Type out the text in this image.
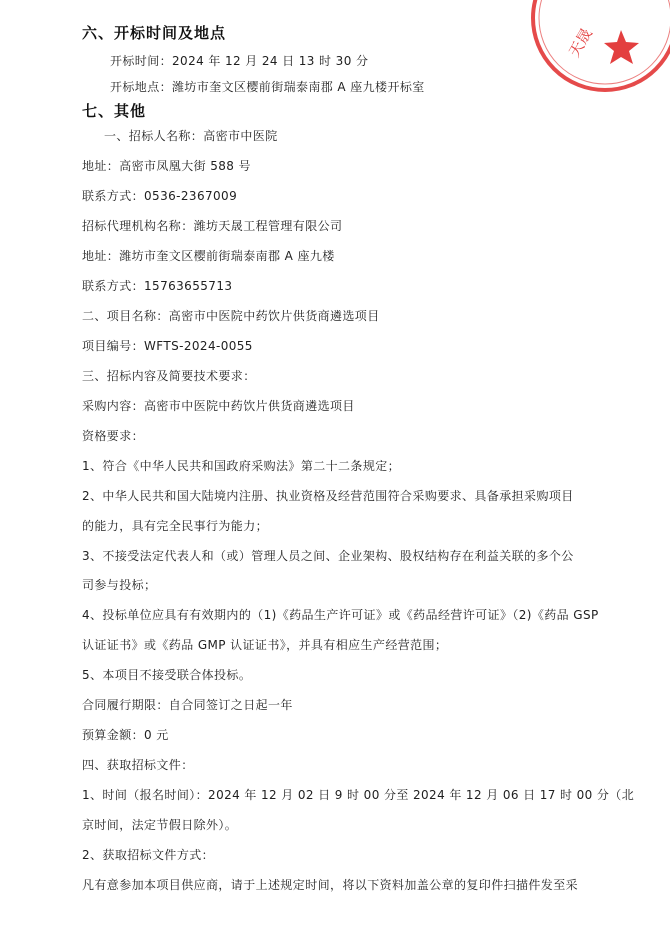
天晟
六、开标时间及地点
开标时间：2024 年 12 月 24 日 13 时 30 分
开标地点：潍坊市奎文区樱前街瑞泰南郡 A 座九楼开标室
七、其他
一、招标人名称：高密市中医院
地址：高密市凤凰大街 588 号
联系方式：0536-2367009
招标代理机构名称：潍坊天晟工程管理有限公司
地址：潍坊市奎文区樱前街瑞泰南郡 A 座九楼
联系方式：15763655713
二、项目名称：高密市中医院中药饮片供货商遴选项目
项目编号：WFTS-2024-0055
三、招标内容及简要技术要求：
采购内容：高密市中医院中药饮片供货商遴选项目
资格要求：
1、符合《中华人民共和国政府采购法》第二十二条规定；
2、中华人民共和国大陆境内注册、执业资格及经营范围符合采购要求、具备承担采购项目
的能力，具有完全民事行为能力；
3、不接受法定代表人和（或）管理人员之间、企业架构、股权结构存在利益关联的多个公
司参与投标；
4、投标单位应具有有效期内的（1)《药品生产许可证》或《药品经营许可证》（2)《药品 GSP
认证证书》或《药品 GMP 认证证书》，并具有相应生产经营范围；
5、本项目不接受联合体投标。
合同履行期限：自合同签订之日起一年
预算金额：0 元
四、获取招标文件：
1、时间（报名时间）：2024 年 12 月 02 日 9 时 00 分至 2024 年 12 月 06 日 17 时 00 分（北
京时间，法定节假日除外）。
2、获取招标文件方式：
凡有意参加本项目供应商，请于上述规定时间，将以下资料加盖公章的复印件扫描件发至采
